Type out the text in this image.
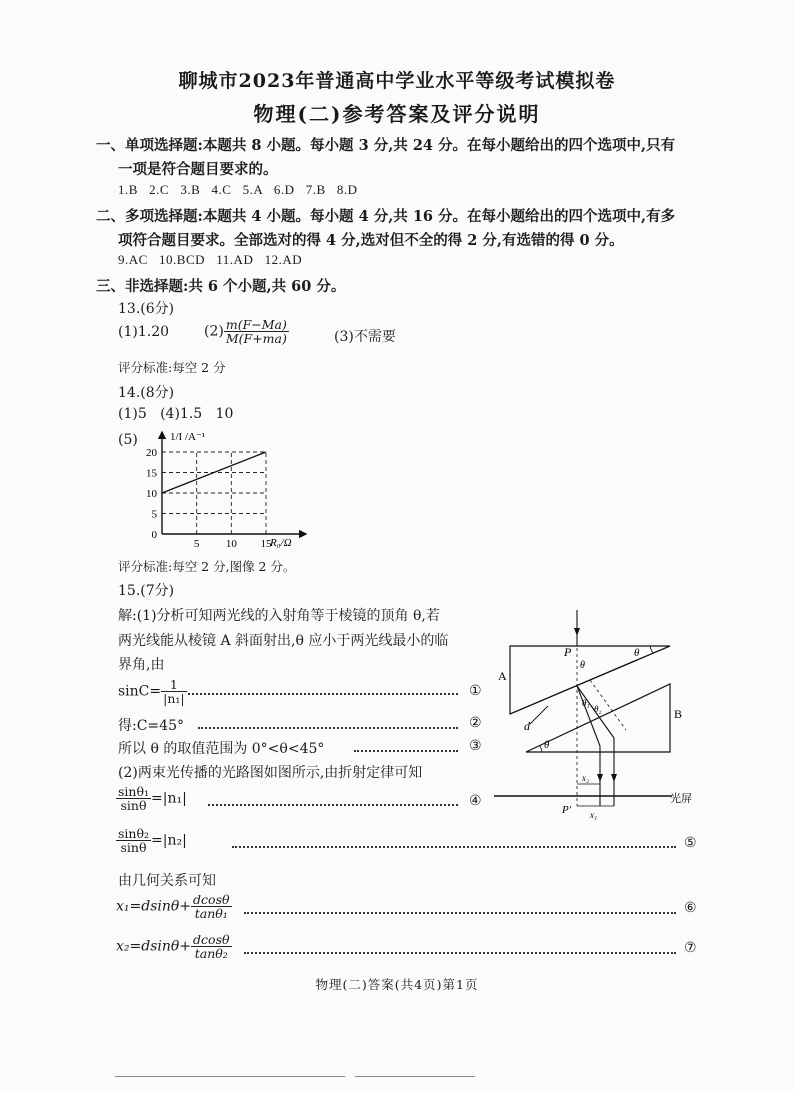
聊城市2023年普通高中学业水平等级考试模拟卷
物理(二)参考答案及评分说明
一、单项选择题:本题共 8 小题。每小题 3 分,共 24 分。在每小题给出的四个选项中,只有
一项是符合题目要求的。
1.B   2.C   3.B   4.C   5.A   6.D   7.B   8.D
二、多项选择题:本题共 4 小题。每小题 4 分,共 16 分。在每小题给出的四个选项中,有多
项符合题目要求。全部选对的得 4 分,选对但不全的得 2 分,有选错的得 0 分。
9.AC   10.BCD   11.AD   12.AD
三、非选择题:共 6 个小题,共 60 分。
13.(6分)
(1)1.20 $(2) \frac{m(F-Ma)}{M(F+ma)}$	(3)不需要
评分标准:每空 2 分
14.(8分)
(1)5   (4)1.5   10
(5)
0
5
10
15
20
5 10 15
1/I /A⁻¹
R₀/Ω
评分标准:每空 2 分,图像 2 分。
15.(7分)
解:(1)分析可知两光线的入射角等于棱镜的顶角 θ,若
两光线能从棱镜 A 斜面射出,θ 应小于两光线最小的临
界角,由
$\sin C= \frac{1}{\text{|n₁|}}$	①
得:C=45°	②
所以 θ 的取值范围为 0°<θ<45°	③
(2)两束光传播的光路图如图所示,由折射定律可知
$\frac{\text{sinθ₁}}{\sin\theta} =|n_1|$	④
$\frac{\text{sinθ₂}}{\sin\theta} =|n_2|$	⑤
由几何关系可知
$x_1=dsin\theta+ \frac{dcos\theta}{\text{tanθ₁}}$	⑥
$x_2=dsin\theta+ \frac{dcos\theta}{\text{tanθ₂}}$	⑦
A
B
P
P′
θ
θ
θ
θ₁
θ₂
d
x₂
x₁
光屏
物理(二)答案(共4页)第1页
